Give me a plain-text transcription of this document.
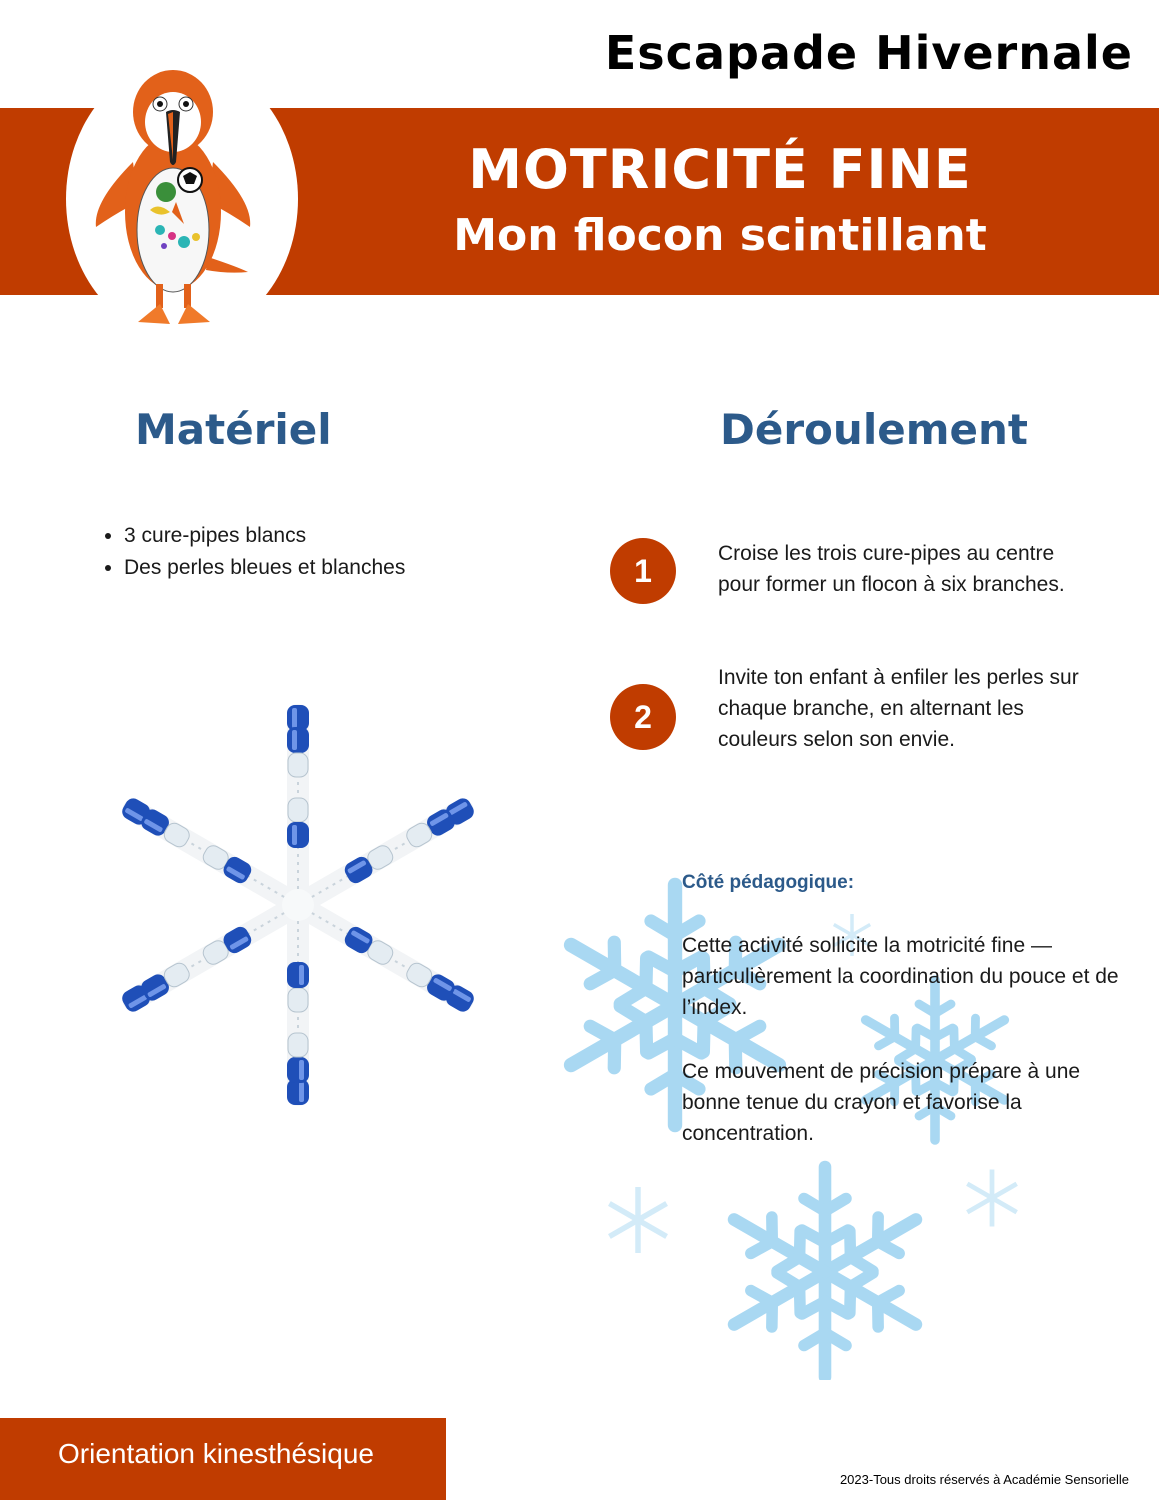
Escapade Hivernale
MOTRICITÉ FINE
Mon flocon scintillant
Matériel	Déroulement
• 3 cure-pipes blancs
• Des perles bleues et blanches	1	Croise les trois cure-pipes au centre pour former un flocon à six branches.
2
Invite ton enfant à enfiler les perles sur chaque branche, en alternant les couleurs selon son envie.
Côté pédagogique:
Cette activité sollicite la motricité fine — particulièrement la coordination du pouce et de l’index.
Ce mouvement de précision prépare à une bonne tenue du crayon et favorise la concentration.
Orientation kinesthésique
2023-Tous droits réservés à Académie Sensorielle
